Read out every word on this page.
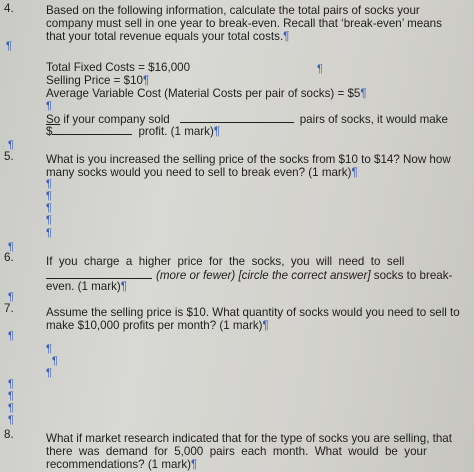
4.	Based on the following information, calculate the total pairs of socks your
company must sell in one year to break-even. Recall that ‘break-even’ means
that your total revenue equals your total costs.¶
¶
Total Fixed Costs = $16,000	¶
Selling Price = $10¶
Average Variable Cost (Material Costs per pair of socks) = $5¶
¶
So if your company sold	pairs of socks, it would make
$	profit. (1 mark)¶
¶
5.	What is you increased the selling price of the socks from $10 to $14? Now how
many socks would you need to sell to break even? (1 mark)¶
¶
¶
¶
¶
¶
¶
6.	If  you  charge  a  higher  price  for  the  socks,  you  will  need  to  sell
(more or fewer) [circle the correct answer] socks to break-
even. (1 mark)¶
¶
7.	Assume the selling price is $10. What quantity of socks would you need to sell to
make $10,000 profits per month? (1 mark)¶
¶
¶
¶
¶
¶
¶
¶
¶
8.	What if market research indicated that for the type of socks you are selling, that
there  was  demand  for  5,000  pairs  each  month.  What  would  be  your
recommendations? (1 mark)¶
